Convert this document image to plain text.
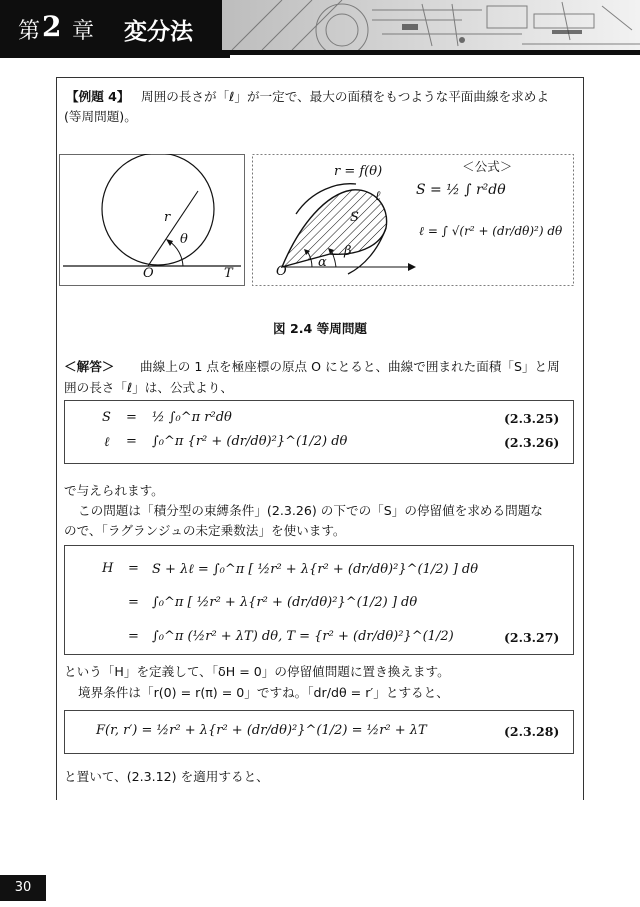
第 2 章 変分法
【例題 4】 周囲の長さが「ℓ」が一定で、最大の面積をもつような平面曲線を求めよ
(等周問題)。
r
θ
O	T
r = f(θ)
S
ℓ
O
α
β
＜公式＞
S = ½ ∫ r²dθ
ℓ = ∫ √(r² + (dr/dθ)²) dθ
図 2.4 等周問題
＜解答＞ 曲線上の 1 点を極座標の原点 O にとると、曲線で囲まれた面積「S」と周
囲の長さ「ℓ」は、公式より、
S = ½ ∫₀^π r²dθ	(2.3.25)
ℓ = ∫₀^π {r² + (dr/dθ)²}^(1/2) dθ	(2.3.26)
で与えられます。
この問題は「積分型の束縛条件」(2.3.26) の下での「S」の停留値を求める問題な
ので、「ラグランジュの未定乗数法」を使います。
H = S + λℓ = ∫₀^π [ ½r² + λ{r² + (dr/dθ)²}^(1/2) ] dθ
= ∫₀^π [ ½r² + λ{r² + (dr/dθ)²}^(1/2) ] dθ
= ∫₀^π (½r² + λT) dθ, T = {r² + (dr/dθ)²}^(1/2)	(2.3.27)
という「H」を定義して、「δH = 0」の停留値問題に置き換えます。
境界条件は「r(0) = r(π) = 0」ですね。「dr/dθ = r′」とすると、
F(r, r′) = ½r² + λ{r² + (dr/dθ)²}^(1/2) = ½r² + λT	(2.3.28)
と置いて、(2.3.12) を適用すると、
30
